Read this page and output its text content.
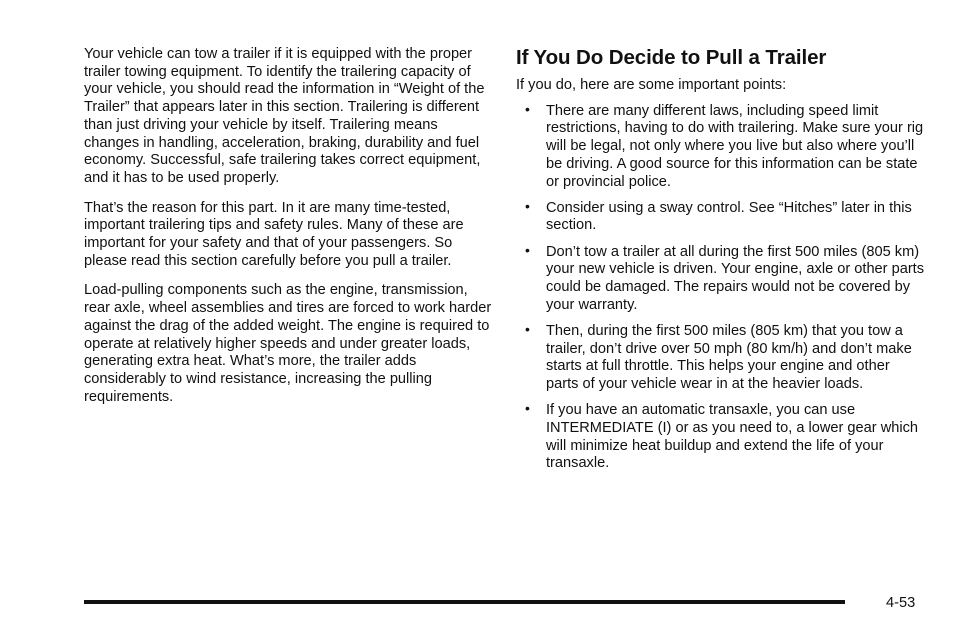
Your vehicle can tow a trailer if it is equipped with the proper trailer towing equipment. To identify the trailering capacity of your vehicle, you should read the information in “Weight of the Trailer” that appears later in this section. Trailering is different than just driving your vehicle by itself. Trailering means changes in handling, acceleration, braking, durability and fuel economy. Successful, safe trailering takes correct equipment, and it has to be used properly.

That’s the reason for this part. In it are many time-tested, important trailering tips and safety rules. Many of these are important for your safety and that of your passengers. So please read this section carefully before you pull a trailer.

Load-pulling components such as the engine, transmission, rear axle, wheel assemblies and tires are forced to work harder against the drag of the added weight. The engine is required to operate at relatively higher speeds and under greater loads, generating extra heat. What’s more, the trailer adds considerably to wind resistance, increasing the pulling requirements.

If You Do Decide to Pull a Trailer

If you do, here are some important points:

• There are many different laws, including speed limit restrictions, having to do with trailering. Make sure your rig will be legal, not only where you live but also where you’ll be driving. A good source for this information can be state or provincial police.
• Consider using a sway control. See “Hitches” later in this section.
• Don’t tow a trailer at all during the first 500 miles (805 km) your new vehicle is driven. Your engine, axle or other parts could be damaged. The repairs would not be covered by your warranty.
• Then, during the first 500 miles (805 km) that you tow a trailer, don’t drive over 50 mph (80 km/h) and don’t make starts at full throttle. This helps your engine and other parts of your vehicle wear in at the heavier loads.
• If you have an automatic transaxle, you can use INTERMEDIATE (I) or as you need to, a lower gear which will minimize heat buildup and extend the life of your transaxle.
4-53
